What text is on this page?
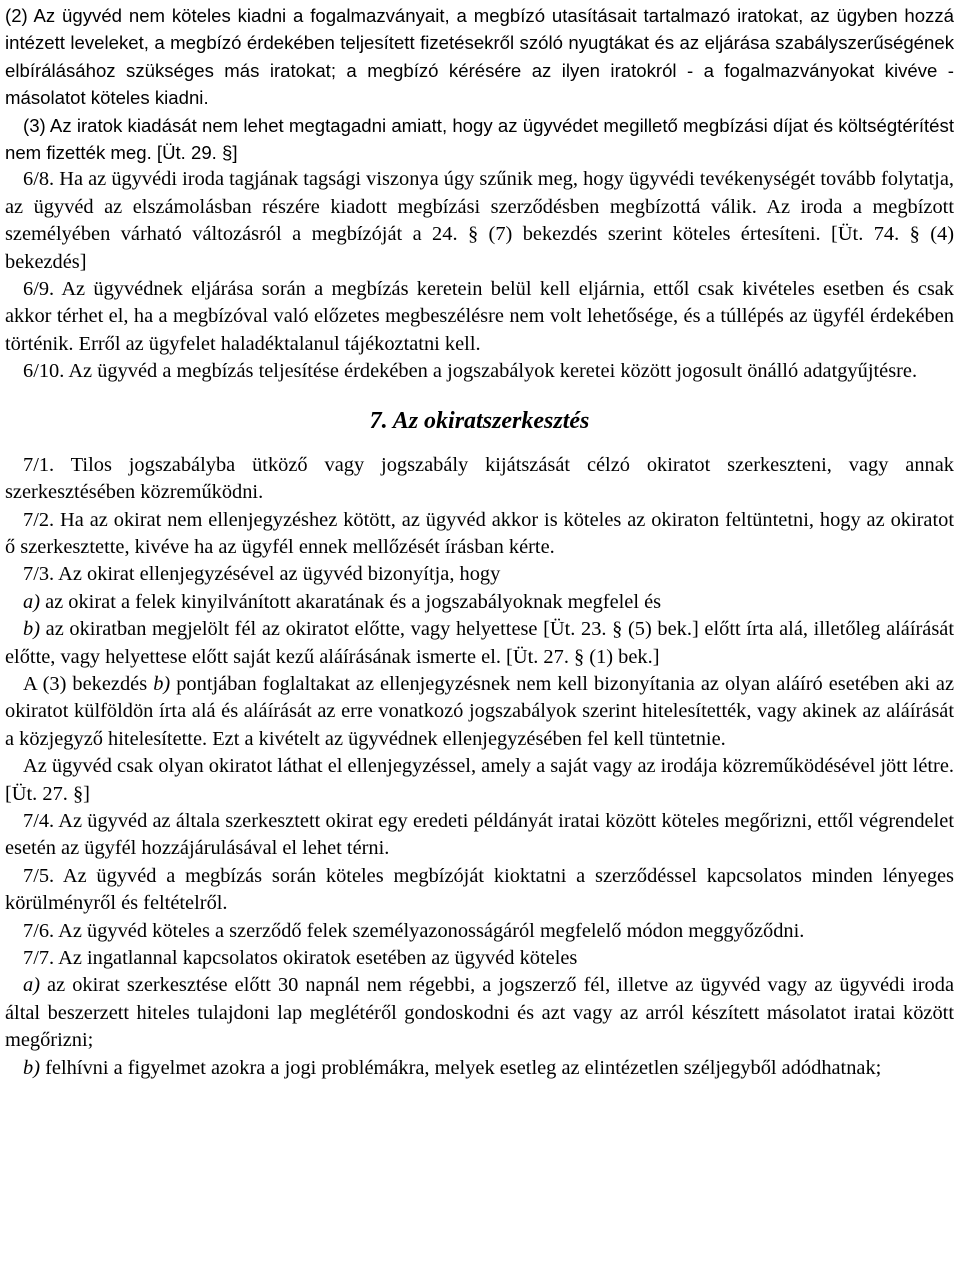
(2) Az ügyvéd nem köteles kiadni a fogalmazványait, a megbízó utasításait tartalmazó iratokat, az ügyben hozzá intézett leveleket, a megbízó érdekében teljesített fizetésekről szóló nyugtákat és az eljárása szabályszerűségének elbírálásához szükséges más iratokat; a megbízó kérésére az ilyen iratokról - a fogalmazványokat kivéve - másolatot köteles kiadni.

(3) Az iratok kiadását nem lehet megtagadni amiatt, hogy az ügyvédet megillető megbízási díjat és költségtérítést nem fizették meg. [Üt. 29. §]

6/8. Ha az ügyvédi iroda tagjának tagsági viszonya úgy szűnik meg, hogy ügyvédi tevékenységét tovább folytatja, az ügyvéd az elszámolásban részére kiadott megbízási szerződésben megbízottá válik. Az iroda a megbízott személyében várható változásról a megbízóját a 24. § (7) bekezdés szerint köteles értesíteni. [Üt. 74. § (4) bekezdés]

6/9. Az ügyvédnek eljárása során a megbízás keretein belül kell eljárnia, ettől csak kivételes esetben és csak akkor térhet el, ha a megbízóval való előzetes megbeszélésre nem volt lehetősége, és a túllépés az ügyfél érdekében történik. Erről az ügyfelet haladéktalanul tájékoztatni kell.

6/10. Az ügyvéd a megbízás teljesítése érdekében a jogszabályok keretei között jogosult önálló adatgyűjtésre.

7. Az okiratszerkesztés

7/1. Tilos jogszabályba ütköző vagy jogszabály kijátszását célzó okiratot szerkeszteni, vagy annak szerkesztésében közreműködni.

7/2. Ha az okirat nem ellenjegyzéshez kötött, az ügyvéd akkor is köteles az okiraton feltüntetni, hogy az okiratot ő szerkesztette, kivéve ha az ügyfél ennek mellőzését írásban kérte.

7/3. Az okirat ellenjegyzésével az ügyvéd bizonyítja, hogy

a) az okirat a felek kinyilvánított akaratának és a jogszabályoknak megfelel és

b) az okiratban megjelölt fél az okiratot előtte, vagy helyettese [Üt. 23. § (5) bek.] előtt írta alá, illetőleg aláírását előtte, vagy helyettese előtt saját kezű aláírásának ismerte el. [Üt. 27. § (1) bek.]

A (3) bekezdés b) pontjában foglaltakat az ellenjegyzésnek nem kell bizonyítania az olyan aláíró esetében aki az okiratot külföldön írta alá és aláírását az erre vonatkozó jogszabályok szerint hitelesítették, vagy akinek az aláírását a közjegyző hitelesítette. Ezt a kivételt az ügyvédnek ellenjegyzésében fel kell tüntetnie.

Az ügyvéd csak olyan okiratot láthat el ellenjegyzéssel, amely a saját vagy az irodája közreműködésével jött létre. [Üt. 27. §]

7/4. Az ügyvéd az általa szerkesztett okirat egy eredeti példányát iratai között köteles megőrizni, ettől végrendelet esetén az ügyfél hozzájárulásával el lehet térni.

7/5. Az ügyvéd a megbízás során köteles megbízóját kioktatni a szerződéssel kapcsolatos minden lényeges körülményről és feltételről.

7/6. Az ügyvéd köteles a szerződő felek személyazonosságáról megfelelő módon meggyőződni.

7/7. Az ingatlannal kapcsolatos okiratok esetében az ügyvéd köteles

a) az okirat szerkesztése előtt 30 napnál nem régebbi, a jogszerző fél, illetve az ügyvéd vagy az ügyvédi iroda által beszerzett hiteles tulajdoni lap meglétéről gondoskodni és azt vagy az arról készített másolatot iratai között megőrizni;

b) felhívni a figyelmet azokra a jogi problémákra, melyek esetleg az elintézetlen széljegyből adódhatnak;
